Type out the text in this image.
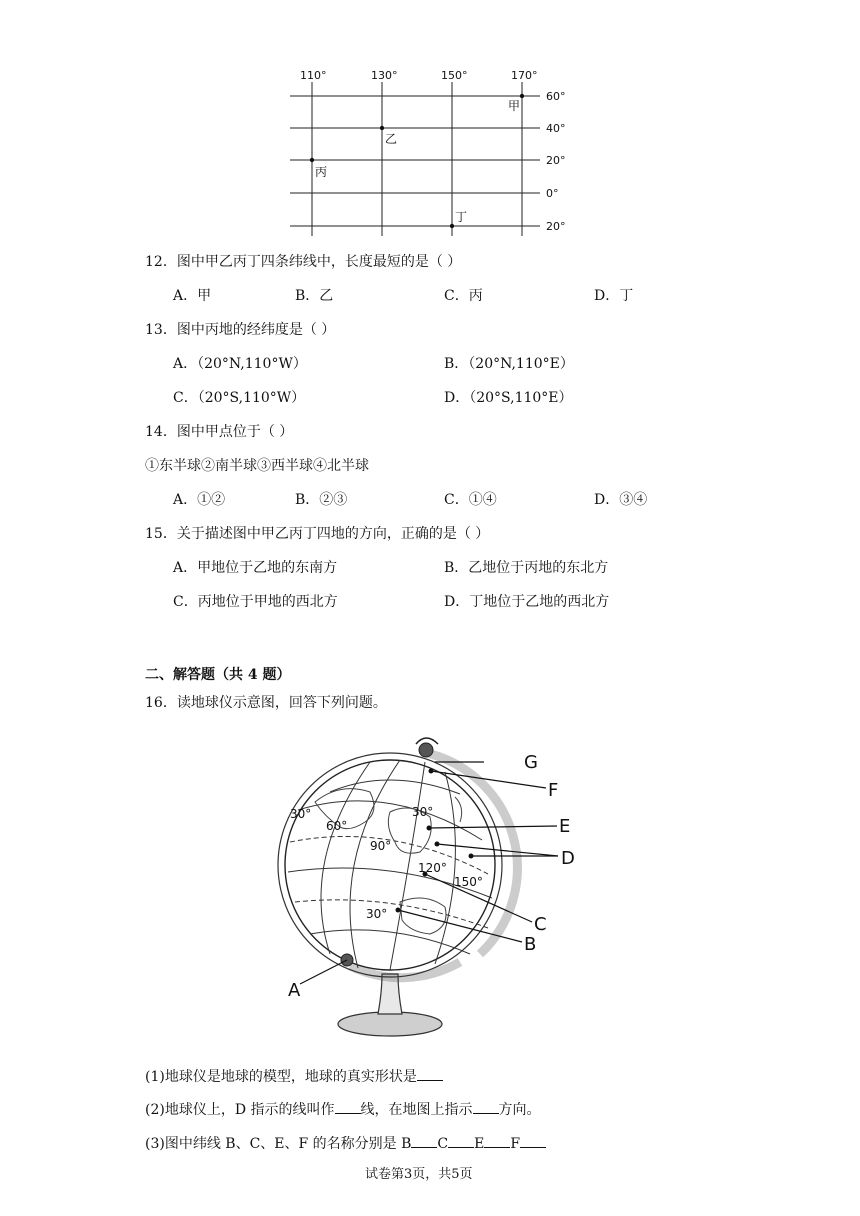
110°	130°	150°	170°
60°
40°
20°
0°
20°
甲
乙
丙
丁
12．图中甲乙丙丁四条纬线中，长度最短的是（ ）
A．甲	B．乙	C．丙	D．丁
13．图中丙地的经纬度是（ ）
A．（20°N,110°W）	B．（20°N,110°E）
C．（20°S,110°W）	D．（20°S,110°E）
14．图中甲点位于（ ）
①东半球②南半球③西半球④北半球
A．①②	B．②③	C．①④	D．③④
15．关于描述图中甲乙丙丁四地的方向，正确的是（ ）
A．甲地位于乙地的东南方	B．乙地位于丙地的东北方
C．丙地位于甲地的西北方	D．丁地位于乙地的西北方
二、解答题（共 4 题）
16．读地球仪示意图，回答下列问题。
30°
60°
90°
30°
120°
150°
30°
G
F
E
D
C
B
A
(1)地球仪是地球的模型，地球的真实形状是
(2)地球仪上，D 指示的线叫作 线，在地图上指示 方向。
(3)图中纬线 B、C、E、F 的名称分别是 B C E F
试卷第3页，共5页
